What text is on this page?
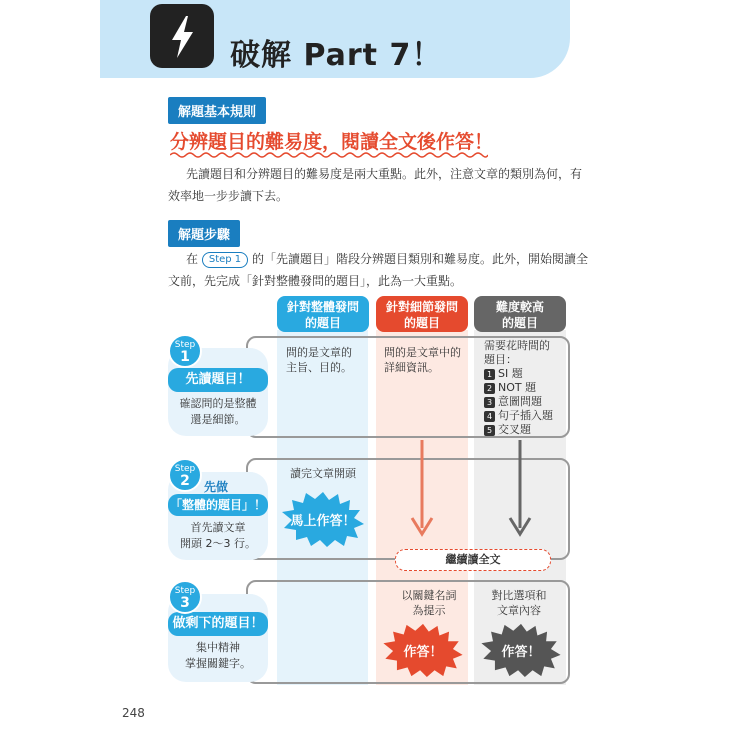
破解 Part 7！
解題基本規則
分辨題目的難易度，閱讀全文後作答！
先讀題目和分辨題目的難易度是兩大重點。此外，注意文章的類別為何，有
效率地一步步讀下去。
解題步驟
在 Step 1 的「先讀題目」階段分辨題目類別和難易度。此外，開始閱讀全
文前，先完成「針對整體發問的題目」，此為一大重點。
針對整體發問
的題目
針對細節發問
的題目
難度較高
的題目
先讀題目！
確認問的是整體
還是細節。
Step
1
先做
「整體的題目」！
首先讀文章
開頭 2～3 行。
Step
2
做剩下的題目！
集中精神
掌握關鍵字。
Step
3
問的是文章的
主旨、目的。
問的是文章中的
詳細資訊。
需要花時間的
題目：
1 SI 題
2 NOT 題
3 意圖問題
4 句子插入題
5 交叉題
讀完文章開頭
馬上作答！
繼續讀全文
以關鍵名詞
為提示
對比選項和
文章內容
作答！	作答！
248
